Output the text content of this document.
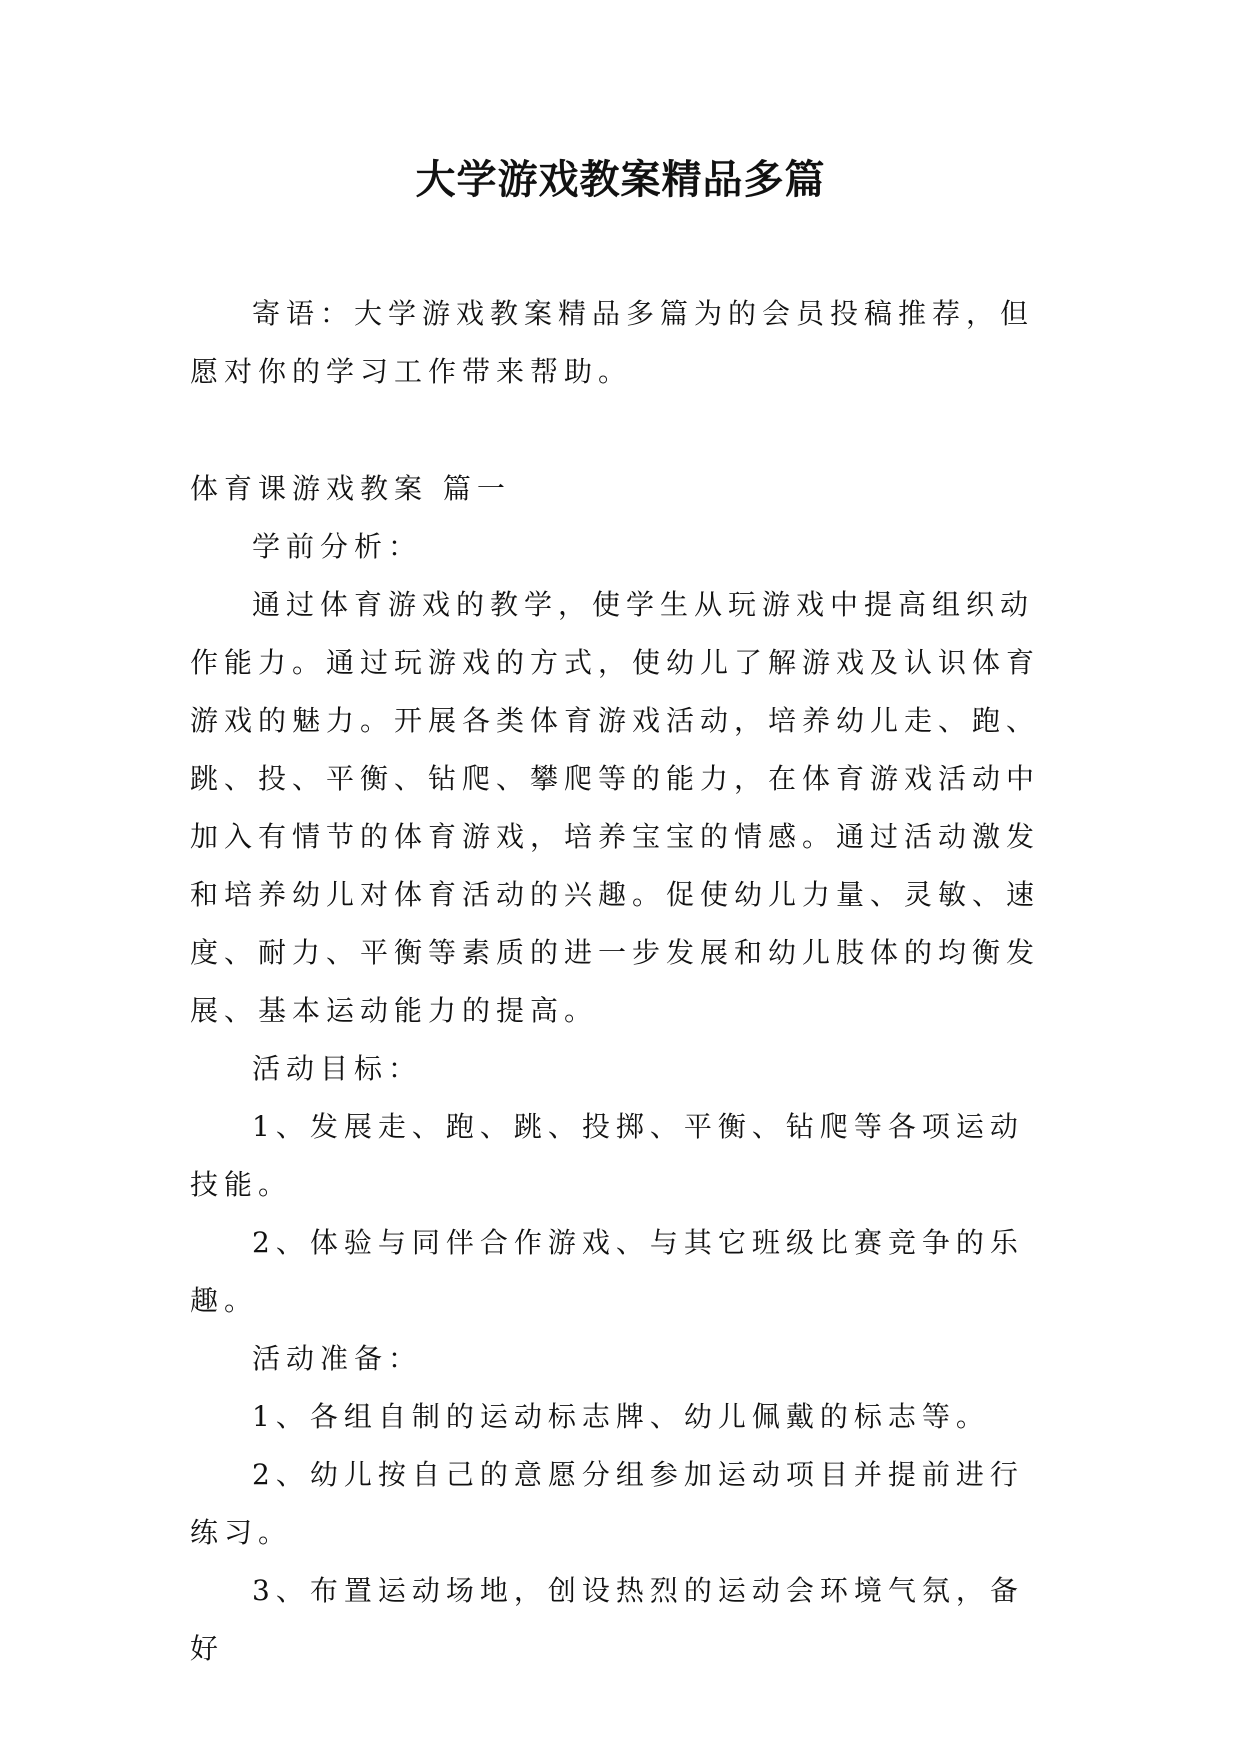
大学游戏教案精品多篇

寄语：大学游戏教案精品多篇为的会员投稿推荐，但愿对你的学习工作带来帮助。

体育课游戏教案 篇一

学前分析：

通过体育游戏的教学，使学生从玩游戏中提高组织动作能力。通过玩游戏的方式，使幼儿了解游戏及认识体育游戏的魅力。开展各类体育游戏活动，培养幼儿走、跑、跳、投、平衡、钻爬、攀爬等的能力，在体育游戏活动中加入有情节的体育游戏，培养宝宝的情感。通过活动激发和培养幼儿对体育活动的兴趣。促使幼儿力量、灵敏、速度、耐力、平衡等素质的进一步发展和幼儿肢体的均衡发展、基本运动能力的提高。

活动目标：

1、发展走、跑、跳、投掷、平衡、钻爬等各项运动技能。

2、体验与同伴合作游戏、与其它班级比赛竞争的乐趣。

活动准备：

1、各组自制的运动标志牌、幼儿佩戴的标志等。

2、幼儿按自己的意愿分组参加运动项目并提前进行练习。

3、布置运动场地，创设热烈的运动会环境气氛，备好
